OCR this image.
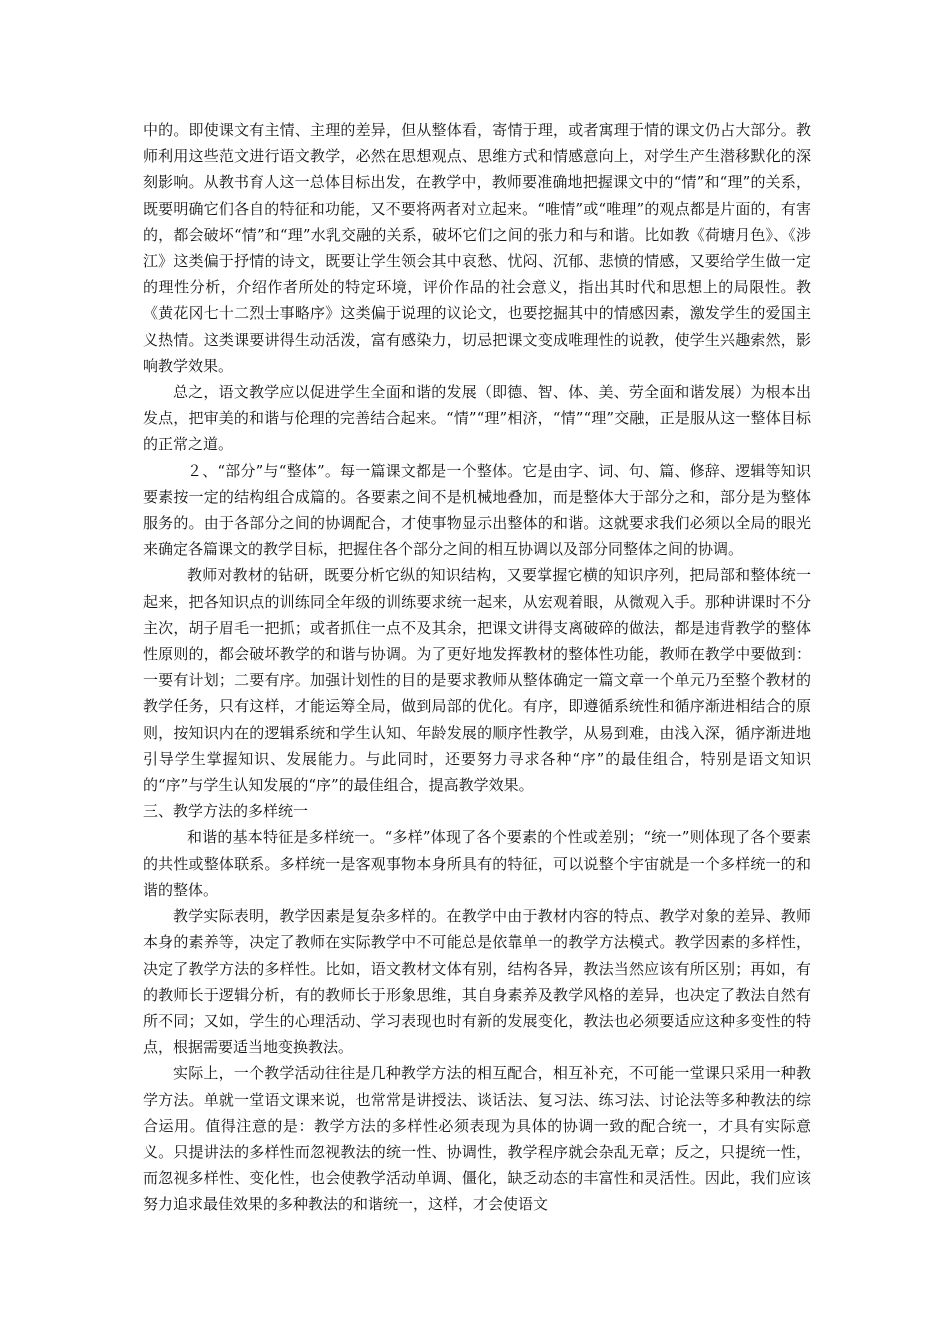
中的。即使课文有主情、主理的差异，但从整体看，寄情于理，或者寓理于情的课文仍占大部分。教师利用这些范文进行语文教学，必然在思想观点、思维方式和情感意向上，对学生产生潜移默化的深刻影响。从教书育人这一总体目标出发，在教学中，教师要准确地把握课文中的“情”和“理”的关系，既要明确它们各自的特征和功能，又不要将两者对立起来。“唯情”或“唯理”的观点都是片面的，有害的，都会破坏“情”和“理”水乳交融的关系，破坏它们之间的张力和与和谐。比如教《荷塘月色》、《涉江》这类偏于抒情的诗文，既要让学生领会其中哀愁、忧闷、沉郁、悲愤的情感，又要给学生做一定的理性分析，介绍作者所处的特定环境，评价作品的社会意义，指出其时代和思想上的局限性。教《黄花冈七十二烈士事略序》这类偏于说理的议论文，也要挖掘其中的情感因素，激发学生的爱国主义热情。这类课要讲得生动活泼，富有感染力，切忌把课文变成唯理性的说教，使学生兴趣索然，影响教学效果。

总之，语文教学应以促进学生全面和谐的发展（即德、智、体、美、劳全面和谐发展）为根本出发点，把审美的和谐与伦理的完善结合起来。“情”“理”相济，“情”“理”交融，正是服从这一整体目标的正常之道。

２、“部分”与“整体”。每一篇课文都是一个整体。它是由字、词、句、篇、修辞、逻辑等知识要素按一定的结构组合成篇的。各要素之间不是机械地叠加，而是整体大于部分之和，部分是为整体服务的。由于各部分之间的协调配合，才使事物显示出整体的和谐。这就要求我们必须以全局的眼光来确定各篇课文的教学目标，把握住各个部分之间的相互协调以及部分同整体之间的协调。

教师对教材的钻研，既要分析它纵的知识结构，又要掌握它横的知识序列，把局部和整体统一起来，把各知识点的训练同全年级的训练要求统一起来，从宏观着眼，从微观入手。那种讲课时不分主次，胡子眉毛一把抓；或者抓住一点不及其余，把课文讲得支离破碎的做法，都是违背教学的整体性原则的，都会破坏教学的和谐与协调。为了更好地发挥教材的整体性功能，教师在教学中要做到：一要有计划；二要有序。加强计划性的目的是要求教师从整体确定一篇文章一个单元乃至整个教材的教学任务，只有这样，才能运筹全局，做到局部的优化。有序，即遵循系统性和循序渐进相结合的原则，按知识内在的逻辑系统和学生认知、年龄发展的顺序性教学，从易到难，由浅入深，循序渐进地引导学生掌握知识、发展能力。与此同时，还要努力寻求各种“序”的最佳组合，特别是语文知识的“序”与学生认知发展的“序”的最佳组合，提高教学效果。

三、教学方法的多样统一

和谐的基本特征是多样统一。“多样”体现了各个要素的个性或差别；“统一”则体现了各个要素的共性或整体联系。多样统一是客观事物本身所具有的特征，可以说整个宇宙就是一个多样统一的和谐的整体。

教学实际表明，教学因素是复杂多样的。在教学中由于教材内容的特点、教学对象的差异、教师本身的素养等，决定了教师在实际教学中不可能总是依靠单一的教学方法模式。教学因素的多样性，决定了教学方法的多样性。比如，语文教材文体有别，结构各异，教法当然应该有所区别；再如，有的教师长于逻辑分析，有的教师长于形象思维，其自身素养及教学风格的差异，也决定了教法自然有所不同；又如，学生的心理活动、学习表现也时有新的发展变化，教法也必须要适应这种多变性的特点，根据需要适当地变换教法。

实际上，一个教学活动往往是几种教学方法的相互配合，相互补充，不可能一堂课只采用一种教学方法。单就一堂语文课来说，也常常是讲授法、谈话法、复习法、练习法、讨论法等多种教法的综合运用。值得注意的是：教学方法的多样性必须表现为具体的协调一致的配合统一，才具有实际意义。只提讲法的多样性而忽视教法的统一性、协调性，教学程序就会杂乱无章；反之，只提统一性，而忽视多样性、变化性，也会使教学活动单调、僵化，缺乏动态的丰富性和灵活性。因此，我们应该努力追求最佳效果的多种教法的和谐统一，这样，才会使语文
